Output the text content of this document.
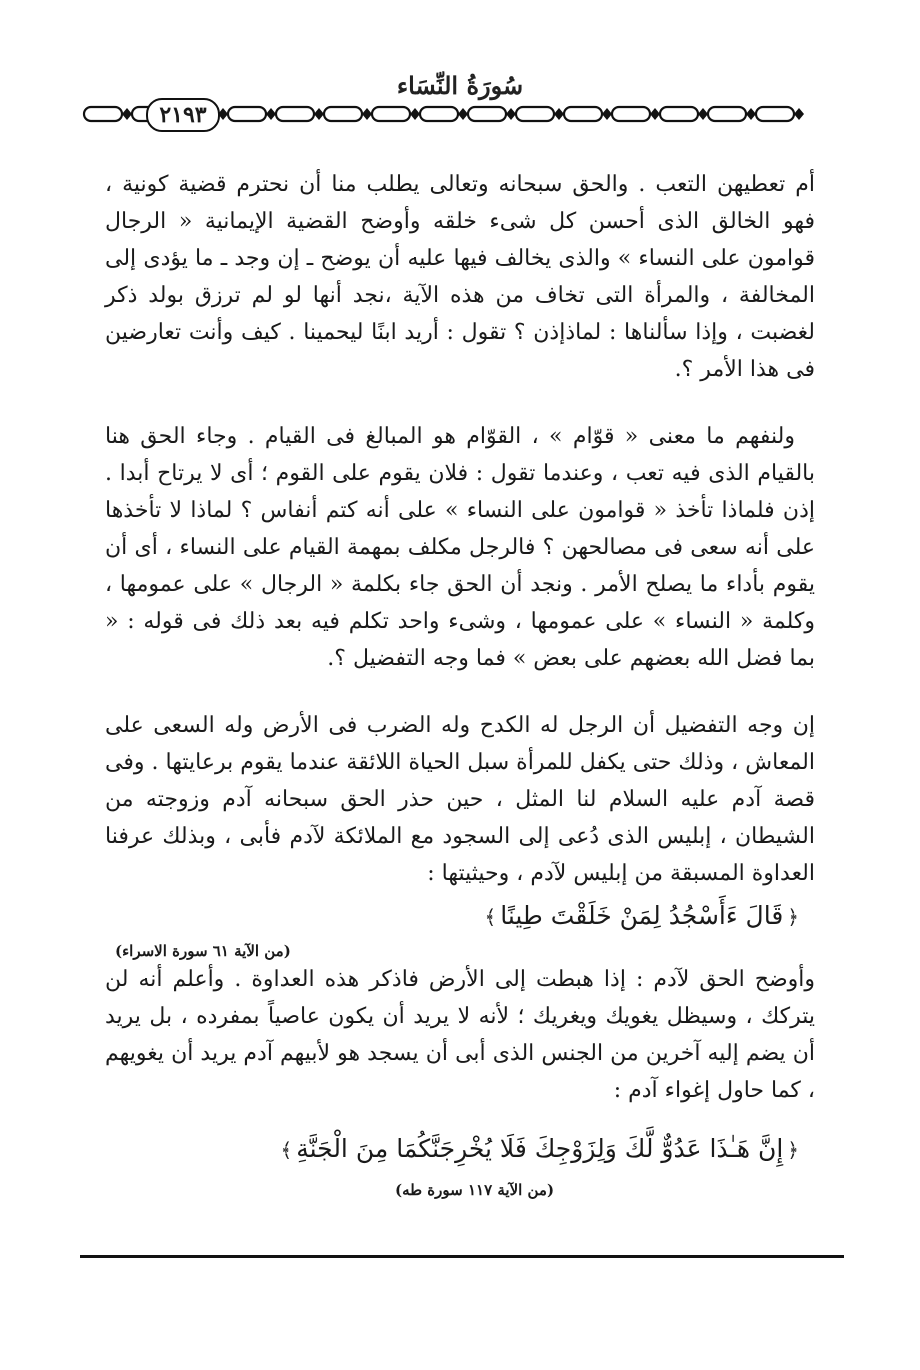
سُورَةُ النِّسَاء
٢١٩٣

أم تعطيهن التعب . والحق سبحانه وتعالى يطلب منا أن نحترم قضية كونية ، فهو الخالق الذى أحسن كل شىء خلقه وأوضح القضية الإيمانية « الرجال قوامون على النساء » والذى يخالف فيها عليه أن يوضح ـ إن وجد ـ ما يؤدى إلى المخالفة ، والمرأة التى تخاف من هذه الآية ،نجد أنها لو لم ترزق بولد ذكر لغضبت ، وإذا سألناها : لماذإذن ؟ تقول : أريد ابنًا ليحمينا . كيف وأنت تعارضين فى هذا الأمر ؟.

ولنفهم ما معنى « قوّام » ، القوّام هو المبالغ فى القيام . وجاء الحق هنا بالقيام الذى فيه تعب ، وعندما تقول : فلان يقوم على القوم ؛ أى لا يرتاح أبدا . إذن فلماذا تأخذ « قوامون على النساء » على أنه كتم أنفاس ؟ لماذا لا تأخذها على أنه سعى فى مصالحهن ؟ فالرجل مكلف بمهمة القيام على النساء ، أى أن يقوم بأداء ما يصلح الأمر . ونجد أن الحق جاء بكلمة « الرجال » على عمومها ، وكلمة « النساء » على عمومها ، وشىء واحد تكلم فيه بعد ذلك فى قوله : « بما فضل الله بعضهم على بعض » فما وجه التفضيل ؟.

إن وجه التفضيل أن الرجل له الكدح وله الضرب فى الأرض وله السعى على المعاش ، وذلك حتى يكفل للمرأة سبل الحياة اللائقة عندما يقوم برعايتها . وفى قصة آدم عليه السلام لنا المثل ، حين حذر الحق سبحانه آدم وزوجته من الشيطان ، إبليس الذى دُعى إلى السجود مع الملائكة لآدم فأبى ، وبذلك عرفنا العداوة المسبقة من إبليس لآدم ، وحيثيتها :

﴿قَالَ ءَأَسْجُدُ لِمَنْ خَلَقْتَ طِينًا﴾
(من الآية ٦١ سورة الاسراء)

وأوضح الحق لآدم : إذا هبطت إلى الأرض فاذكر هذه العداوة . وأعلم أنه لن يتركك ، وسيظل يغويك ويغريك ؛ لأنه لا يريد أن يكون عاصياً بمفرده ، بل يريد أن يضم إليه آخرين من الجنس الذى أبى أن يسجد هو لأبيهم آدم يريد أن يغويهم ، كما حاول إغواء آدم :

﴿إِنَّ هَـٰذَا عَدُوٌّ لَّكَ وَلِزَوْجِكَ فَلَا يُخْرِجَنَّكُمَا مِنَ الْجَنَّةِ﴾
(من الآية ١١٧ سورة طه)
